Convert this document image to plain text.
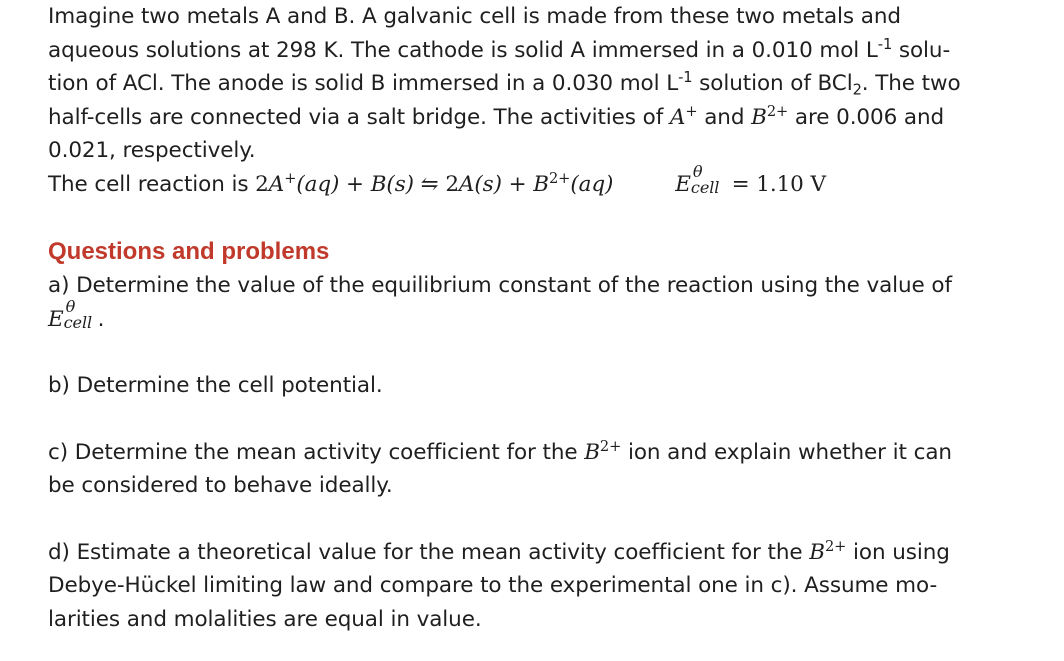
Imagine two metals A and B. A galvanic cell is made from these two metals and
aqueous solutions at 298 K. The cathode is solid A immersed in a 0.010 mol $L^{-1}$ solu-
tion of ACl. The anode is solid B immersed in a 0.030 mol $L^{-1}$ solution of BCl$_2$. The two
half-cells are connected via a salt bridge. The activities of A+ and $B^{2+}$ are 0.006 and
0.021, respectively.
The cell reaction is 2A+(aq) + B(s) ⇋ $2A(s) + B^{2+}(aq)$	E
θ
cell = 1.10 V
Questions and problems
a) Determine the value of the equilibrium constant of the reaction using the value of
E
θ
cell .
b) Determine the cell potential.
c) Determine the mean activity coefficient for the $B^{2+}$ ion and explain whether it can
be considered to behave ideally.
d) Estimate a theoretical value for the mean activity coefficient for the $B^{2+}$ ion using
Debye-Hückel limiting law and compare to the experimental one in c). Assume mo-
larities and molalities are equal in value.
